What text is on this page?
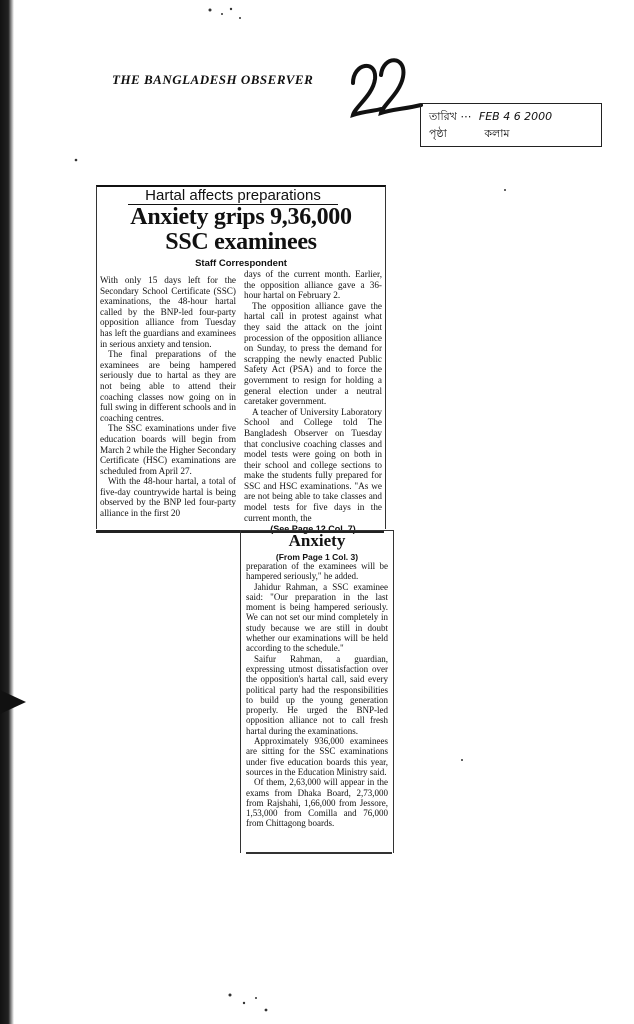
THE BANGLADESH OBSERVER
তারিখ ⋯ FEB 4 6 2000
পৃষ্ঠা	কলাম
Hartal affects preparations
Anxiety grips 9,36,000
SSC examinees
Staff Correspondent

With only 15 days left for the Secondary School Certificate (SSC) examinations, the 48-hour hartal called by the BNP-led four-party opposition alliance from Tuesday has left the guardians and examinees in serious anxiety and tension.

The final preparations of the examinees are being hampered seriously due to hartal as they are not being able to attend their coaching classes now going on in full swing in different schools and in coaching centres.

The SSC examinations under five education boards will begin from March 2 while the Higher Secondary Certificate (HSC) examinations are scheduled from April 27.

With the 48-hour hartal, a total of five-day countrywide hartal is being observed by the BNP led four-party alliance in the first 20

days of the current month. Earlier, the opposition alliance gave a 36-hour hartal on February 2.

The opposition alliance gave the hartal call in protest against what they said the attack on the joint procession of the opposition alliance on Sunday, to press the demand for scrapping the newly enacted Public Safety Act (PSA) and to force the government to resign for holding a general election under a neutral caretaker government.

A teacher of University Laboratory School and College told The Bangladesh Observer on Tuesday that conclusive coaching classes and model tests were going on both in their school and college sections to make the students fully prepared for SSC and HSC examinations. "As we are not being able to take classes and model tests for five days in the current month, the

Anxiety
(From Page 1 Col. 3)

preparation of the examinees will be hampered seriously," he added.

Jahidur Rahman, a SSC examinee said: "Our preparation in the last moment is being hampered seriously. We can not set our mind completely in study because we are still in doubt whether our examinations will be held according to the schedule."

Saifur Rahman, a guardian, expressing utmost dissatisfaction over the opposition's hartal call, said every political party had the responsibilities to build up the young generation properly. He urged the BNP-led opposition alliance not to call fresh hartal during the examinations.

Approximately 936,000 examinees are sitting for the SSC examinations under five education boards this year, sources in the Education Ministry said.

Of them, 2,63,000 will appear in the exams from Dhaka Board, 2,73,000 from Rajshahi, 1,66,000 from Jessore, 1,53,000 from Comilla and 76,000 from Chittagong boards.
